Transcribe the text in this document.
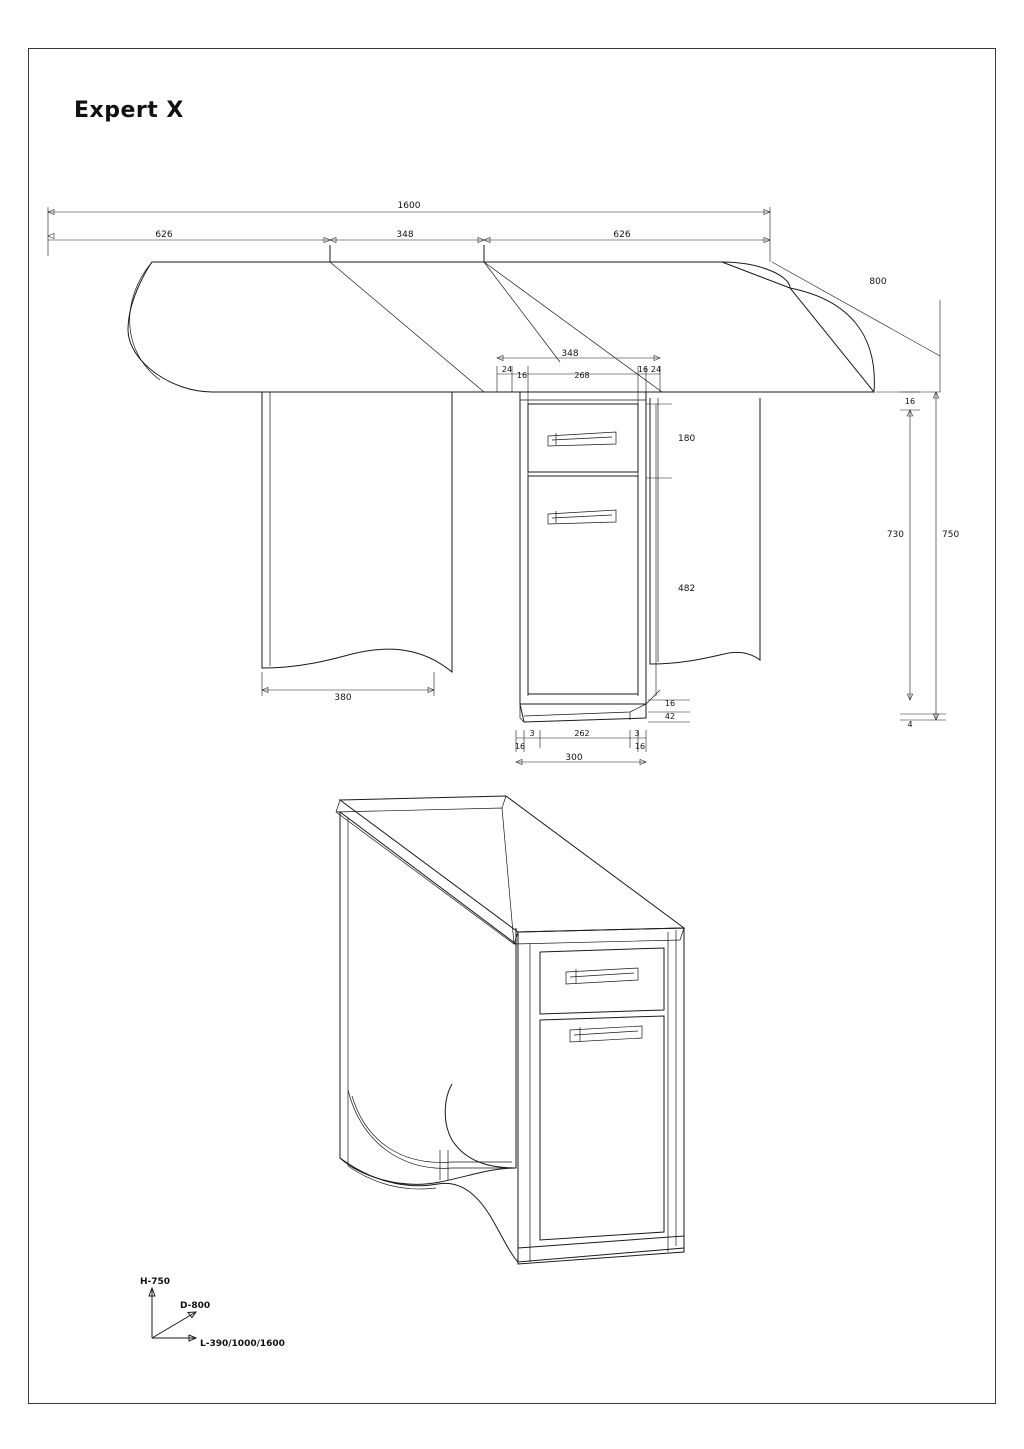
Expert X
1600
626	348	626
800
348
24
16	268
16 24
180
482
16
730	750
16
42
4
380
3
16
262	3
16
300
H-750
D-800
L-390/1000/1600
